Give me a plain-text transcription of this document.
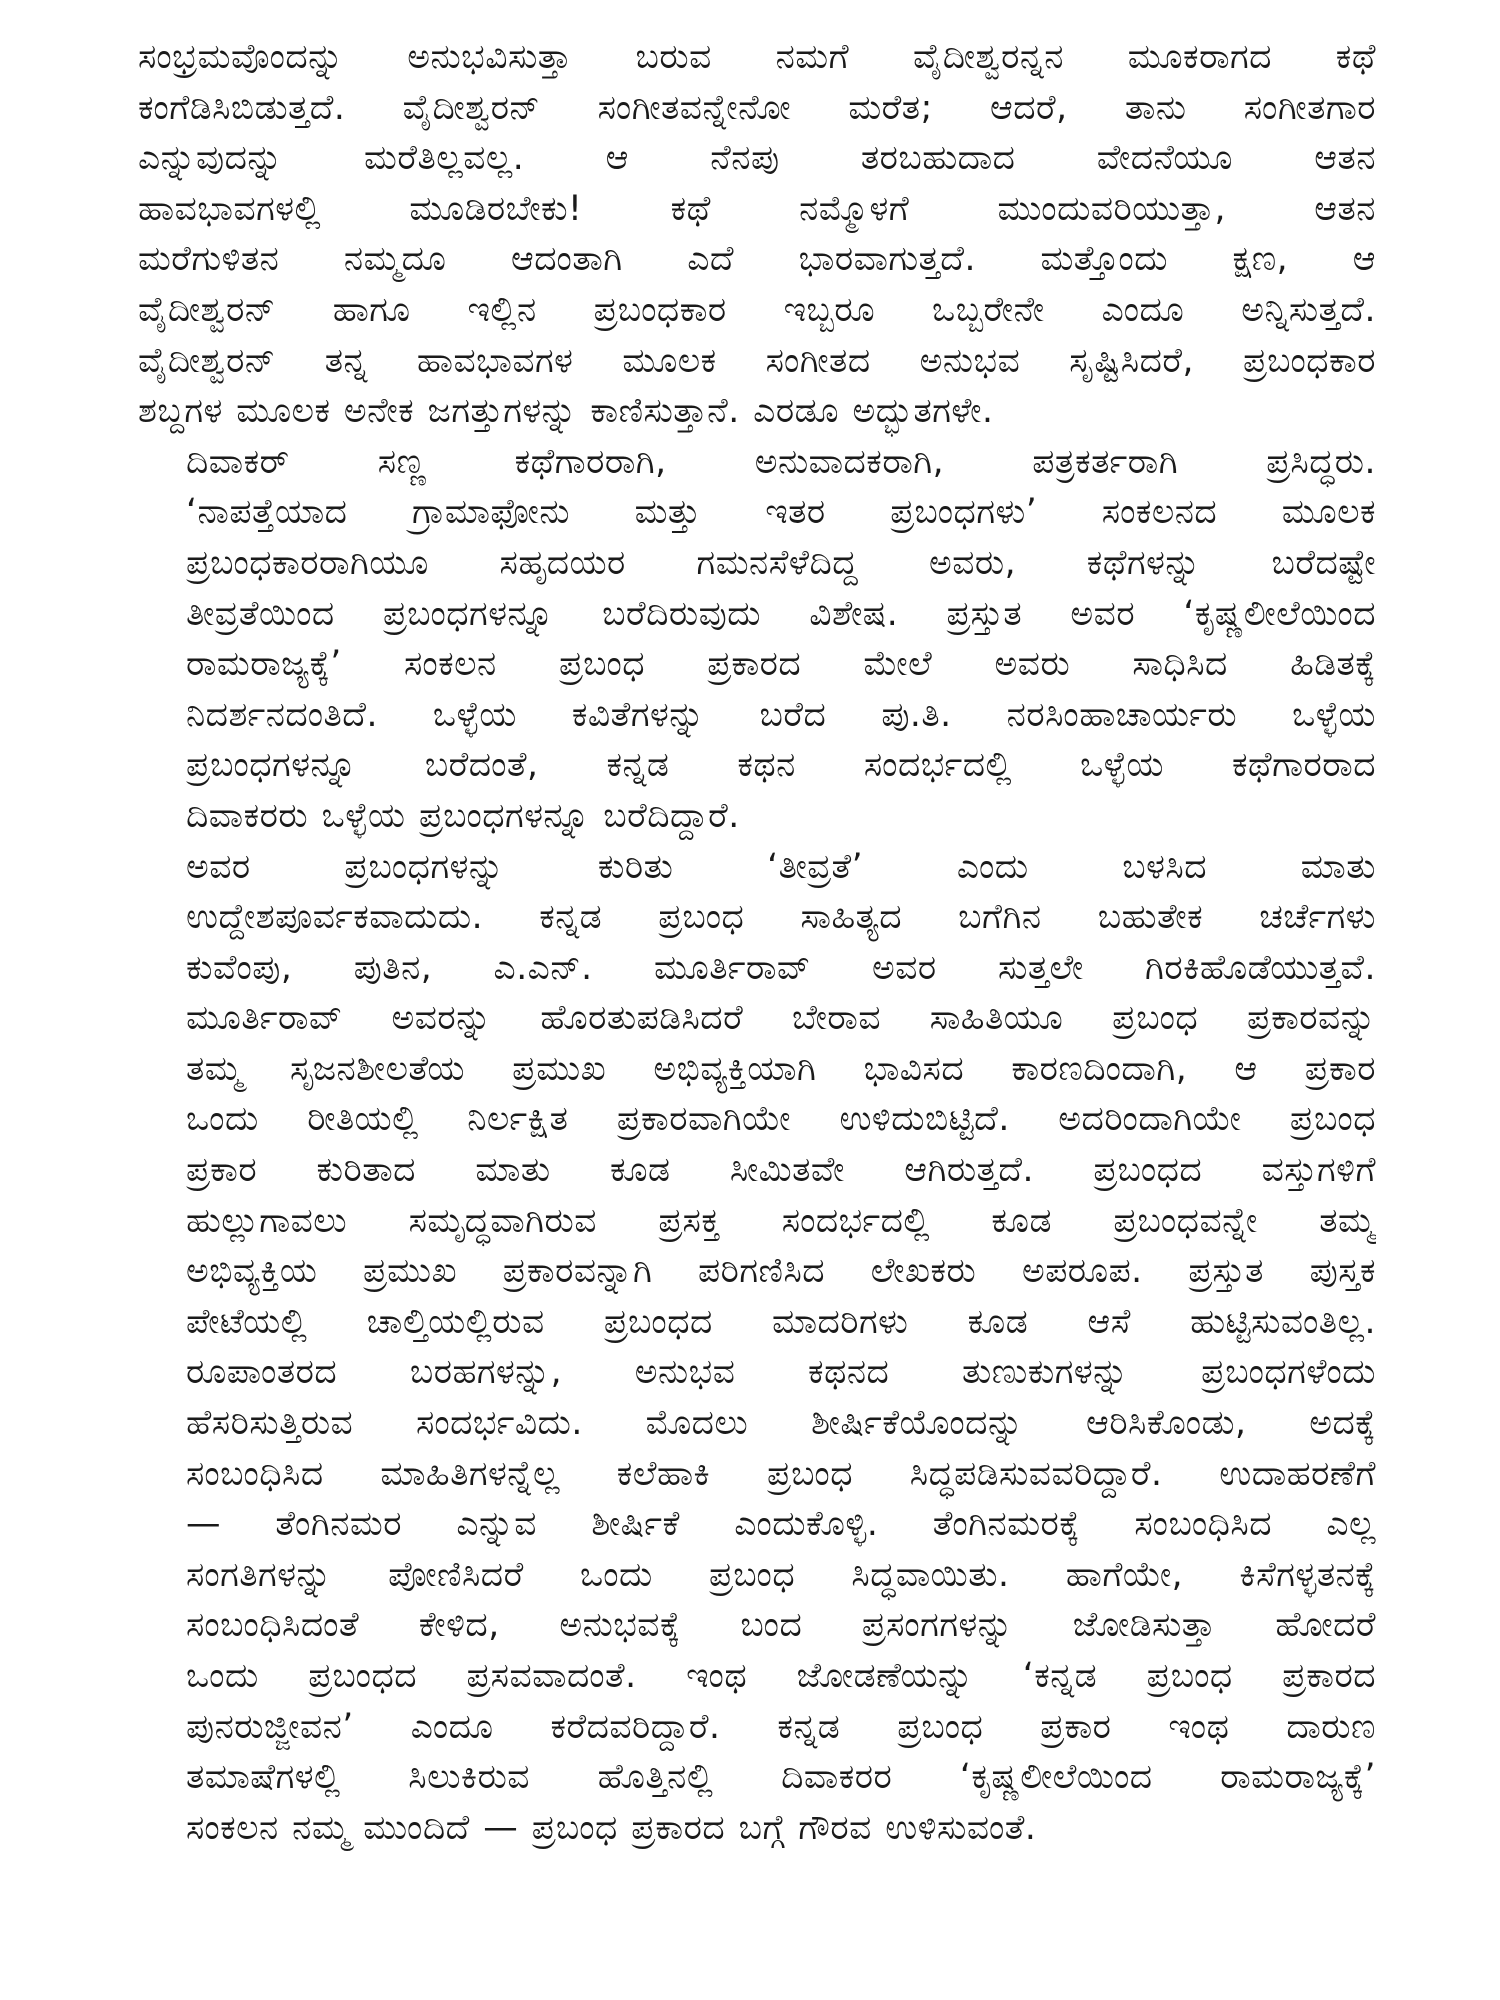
ಸಂಭ್ರಮವೊಂದನ್ನು ಅನುಭವಿಸುತ್ತಾ ಬರುವ ನಮಗೆ ವೈದೀಶ್ವರನ್ನನ ಮೂಕರಾಗದ ಕಥೆ
ಕಂಗೆಡಿಸಿಬಿಡುತ್ತದೆ. ವೈದೀಶ್ವರನ್ ಸಂಗೀತವನ್ನೇನೋ ಮರೆತ; ಆದರೆ, ತಾನು ಸಂಗೀತಗಾರ
ಎನ್ನುವುದನ್ನು ಮರೆತಿಲ್ಲವಲ್ಲ. ಆ ನೆನಪು ತರಬಹುದಾದ ವೇದನೆಯೂ ಆತನ
ಹಾವಭಾವಗಳಲ್ಲಿ ಮೂಡಿರಬೇಕು! ಕಥೆ ನಮ್ಮೊಳಗೆ ಮುಂದುವರಿಯುತ್ತಾ, ಆತನ
ಮರೆಗುಳಿತನ ನಮ್ಮದೂ ಆದಂತಾಗಿ ಎದೆ ಭಾರವಾಗುತ್ತದೆ. ಮತ್ತೊಂದು ಕ್ಷಣ, ಆ
ವೈದೀಶ್ವರನ್ ಹಾಗೂ ಇಲ್ಲಿನ ಪ್ರಬಂಧಕಾರ ಇಬ್ಬರೂ ಒಬ್ಬರೇನೇ ಎಂದೂ ಅನ್ನಿಸುತ್ತದೆ.
ವೈದೀಶ್ವರನ್ ತನ್ನ ಹಾವಭಾವಗಳ ಮೂಲಕ ಸಂಗೀತದ ಅನುಭವ ಸೃಷ್ಟಿಸಿದರೆ, ಪ್ರಬಂಧಕಾರ
ಶಬ್ದಗಳ ಮೂಲಕ ಅನೇಕ ಜಗತ್ತುಗಳನ್ನು ಕಾಣಿಸುತ್ತಾನೆ. ಎರಡೂ ಅದ್ಭುತಗಳೇ.

ದಿವಾಕರ್ ಸಣ್ಣ ಕಥೆಗಾರರಾಗಿ, ಅನುವಾದಕರಾಗಿ, ಪತ್ರಕರ್ತರಾಗಿ ಪ್ರಸಿದ್ಧರು.
‘ನಾಪತ್ತೆಯಾದ ಗ್ರಾಮಾಫೋನು ಮತ್ತು ಇತರ ಪ್ರಬಂಧಗಳು’ ಸಂಕಲನದ ಮೂಲಕ
ಪ್ರಬಂಧಕಾರರಾಗಿಯೂ ಸಹೃದಯರ ಗಮನಸೆಳೆದಿದ್ದ ಅವರು, ಕಥೆಗಳನ್ನು ಬರೆದಷ್ಟೇ
ತೀವ್ರತೆಯಿಂದ ಪ್ರಬಂಧಗಳನ್ನೂ ಬರೆದಿರುವುದು ವಿಶೇಷ. ಪ್ರಸ್ತುತ ಅವರ ‘ಕೃಷ್ಣಲೀಲೆಯಿಂದ
ರಾಮರಾಜ್ಯಕ್ಕೆ’ ಸಂಕಲನ ಪ್ರಬಂಧ ಪ್ರಕಾರದ ಮೇಲೆ ಅವರು ಸಾಧಿಸಿದ ಹಿಡಿತಕ್ಕೆ
ನಿದರ್ಶನದಂತಿದೆ. ಒಳ್ಳೆಯ ಕವಿತೆಗಳನ್ನು ಬರೆದ ಪು.ತಿ. ನರಸಿಂಹಾಚಾರ್ಯರು ಒಳ್ಳೆಯ
ಪ್ರಬಂಧಗಳನ್ನೂ ಬರೆದಂತೆ, ಕನ್ನಡ ಕಥನ ಸಂದರ್ಭದಲ್ಲಿ ಒಳ್ಳೆಯ ಕಥೆಗಾರರಾದ
ದಿವಾಕರರು ಒಳ್ಳೆಯ ಪ್ರಬಂಧಗಳನ್ನೂ ಬರೆದಿದ್ದಾರೆ.

ಅವರ ಪ್ರಬಂಧಗಳನ್ನು ಕುರಿತು ‘ತೀವ್ರತೆ’ ಎಂದು ಬಳಸಿದ ಮಾತು
ಉದ್ದೇಶಪೂರ್ವಕವಾದುದು. ಕನ್ನಡ ಪ್ರಬಂಧ ಸಾಹಿತ್ಯದ ಬಗೆಗಿನ ಬಹುತೇಕ ಚರ್ಚೆಗಳು
ಕುವೆಂಪು, ಪುತಿನ, ಎ.ಎನ್. ಮೂರ್ತಿರಾವ್ ಅವರ ಸುತ್ತಲೇ ಗಿರಕಿಹೊಡೆಯುತ್ತವೆ.
ಮೂರ್ತಿರಾವ್ ಅವರನ್ನು ಹೊರತುಪಡಿಸಿದರೆ ಬೇರಾವ ಸಾಹಿತಿಯೂ ಪ್ರಬಂಧ ಪ್ರಕಾರವನ್ನು
ತಮ್ಮ ಸೃಜನಶೀಲತೆಯ ಪ್ರಮುಖ ಅಭಿವ್ಯಕ್ತಿಯಾಗಿ ಭಾವಿಸದ ಕಾರಣದಿಂದಾಗಿ, ಆ ಪ್ರಕಾರ
ಒಂದು ರೀತಿಯಲ್ಲಿ ನಿರ್ಲಕ್ಷಿತ ಪ್ರಕಾರವಾಗಿಯೇ ಉಳಿದುಬಿಟ್ಟಿದೆ. ಅದರಿಂದಾಗಿಯೇ ಪ್ರಬಂಧ
ಪ್ರಕಾರ ಕುರಿತಾದ ಮಾತು ಕೂಡ ಸೀಮಿತವೇ ಆಗಿರುತ್ತದೆ. ಪ್ರಬಂಧದ ವಸ್ತುಗಳಿಗೆ
ಹುಲ್ಲುಗಾವಲು ಸಮೃದ್ಧವಾಗಿರುವ ಪ್ರಸಕ್ತ ಸಂದರ್ಭದಲ್ಲಿ ಕೂಡ ಪ್ರಬಂಧವನ್ನೇ ತಮ್ಮ
ಅಭಿವ್ಯಕ್ತಿಯ ಪ್ರಮುಖ ಪ್ರಕಾರವನ್ನಾಗಿ ಪರಿಗಣಿಸಿದ ಲೇಖಕರು ಅಪರೂಪ. ಪ್ರಸ್ತುತ ಪುಸ್ತಕ
ಪೇಟೆಯಲ್ಲಿ ಚಾಲ್ತಿಯಲ್ಲಿರುವ ಪ್ರಬಂಧದ ಮಾದರಿಗಳು ಕೂಡ ಆಸೆ ಹುಟ್ಟಿಸುವಂತಿಲ್ಲ.
ರೂಪಾಂತರದ ಬರಹಗಳನ್ನು, ಅನುಭವ ಕಥನದ ತುಣುಕುಗಳನ್ನು ಪ್ರಬಂಧಗಳೆಂದು
ಹೆಸರಿಸುತ್ತಿರುವ ಸಂದರ್ಭವಿದು. ಮೊದಲು ಶೀರ್ಷಿಕೆಯೊಂದನ್ನು ಆರಿಸಿಕೊಂಡು, ಅದಕ್ಕೆ
ಸಂಬಂಧಿಸಿದ ಮಾಹಿತಿಗಳನ್ನೆಲ್ಲ ಕಲೆಹಾಕಿ ಪ್ರಬಂಧ ಸಿದ್ಧಪಡಿಸುವವರಿದ್ದಾರೆ. ಉದಾಹರಣೆಗೆ
— ತೆಂಗಿನಮರ ಎನ್ನುವ ಶೀರ್ಷಿಕೆ ಎಂದುಕೊಳ್ಳಿ. ತೆಂಗಿನಮರಕ್ಕೆ ಸಂಬಂಧಿಸಿದ ಎಲ್ಲ
ಸಂಗತಿಗಳನ್ನು ಪೋಣಿಸಿದರೆ ಒಂದು ಪ್ರಬಂಧ ಸಿದ್ಧವಾಯಿತು. ಹಾಗೆಯೇ, ಕಿಸೆಗಳ್ಳತನಕ್ಕೆ
ಸಂಬಂಧಿಸಿದಂತೆ ಕೇಳಿದ, ಅನುಭವಕ್ಕೆ ಬಂದ ಪ್ರಸಂಗಗಳನ್ನು ಜೋಡಿಸುತ್ತಾ ಹೋದರೆ
ಒಂದು ಪ್ರಬಂಧದ ಪ್ರಸವವಾದಂತೆ. ಇಂಥ ಜೋಡಣೆಯನ್ನು ‘ಕನ್ನಡ ಪ್ರಬಂಧ ಪ್ರಕಾರದ
ಪುನರುಜ್ಜೀವನ’ ಎಂದೂ ಕರೆದವರಿದ್ದಾರೆ. ಕನ್ನಡ ಪ್ರಬಂಧ ಪ್ರಕಾರ ಇಂಥ ದಾರುಣ
ತಮಾಷೆಗಳಲ್ಲಿ ಸಿಲುಕಿರುವ ಹೊತ್ತಿನಲ್ಲಿ ದಿವಾಕರರ ‘ಕೃಷ್ಣಲೀಲೆಯಿಂದ ರಾಮರಾಜ್ಯಕ್ಕೆ’
ಸಂಕಲನ ನಮ್ಮ ಮುಂದಿದೆ — ಪ್ರಬಂಧ ಪ್ರಕಾರದ ಬಗ್ಗೆ ಗೌರವ ಉಳಿಸುವಂತೆ.
